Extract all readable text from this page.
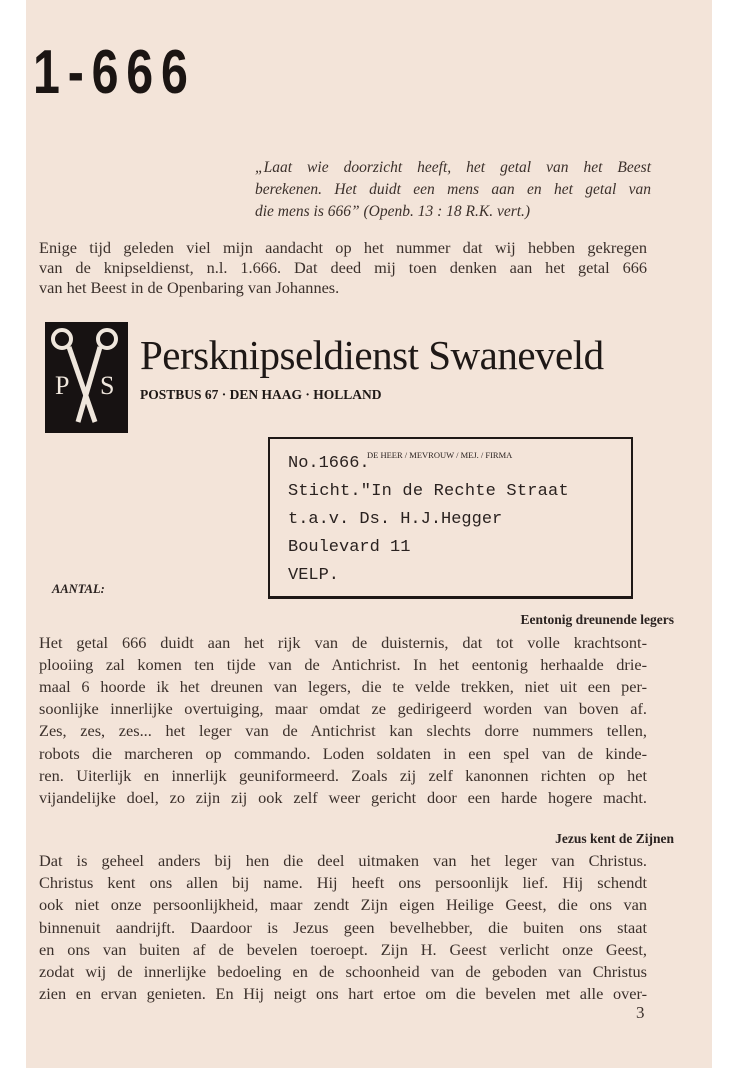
1-666
„Laat wie doorzicht heeft, het getal van het Beest
berekenen. Het duidt een mens aan en het getal van
die mens is 666” (Openb. 13 : 18 R.K. vert.)
Enige tijd geleden viel mijn aandacht op het nummer dat wij hebben gekregen
van de knipseldienst, n.l. 1.666. Dat deed mij toen denken aan het getal 666
van het Beest in de Openbaring van Johannes.
P S
Persknipseldienst Swaneveld
POSTBUS 67 · DEN HAAG · HOLLAND
DE HEER / MEVROUW / MEJ. / FIRMA
No.1666.
Sticht."In de Rechte Straat
t.a.v. Ds. H.J.Hegger
Boulevard 11
VELP.
AANTAL:
Eentonig dreunende legers
Het getal 666 duidt aan het rijk van de duisternis, dat tot volle krachtsont-
plooiing zal komen ten tijde van de Antichrist. In het eentonig herhaalde drie-
maal 6 hoorde ik het dreunen van legers, die te velde trekken, niet uit een per-
soonlijke innerlijke overtuiging, maar omdat ze gedirigeerd worden van boven af.
Zes, zes, zes... het leger van de Antichrist kan slechts dorre nummers tellen,
robots die marcheren op commando. Loden soldaten in een spel van de kinde-
ren. Uiterlijk en innerlijk geuniformeerd. Zoals zij zelf kanonnen richten op het
vijandelijke doel, zo zijn zij ook zelf weer gericht door een harde hogere macht.
Jezus kent de Zijnen
Dat is geheel anders bij hen die deel uitmaken van het leger van Christus.
Christus kent ons allen bij name. Hij heeft ons persoonlijk lief. Hij schendt
ook niet onze persoonlijkheid, maar zendt Zijn eigen Heilige Geest, die ons van
binnenuit aandrijft. Daardoor is Jezus geen bevelhebber, die buiten ons staat
en ons van buiten af de bevelen toeroept. Zijn H. Geest verlicht onze Geest,
zodat wij de innerlijke bedoeling en de schoonheid van de geboden van Christus
zien en ervan genieten. En Hij neigt ons hart ertoe om die bevelen met alle over-
3
